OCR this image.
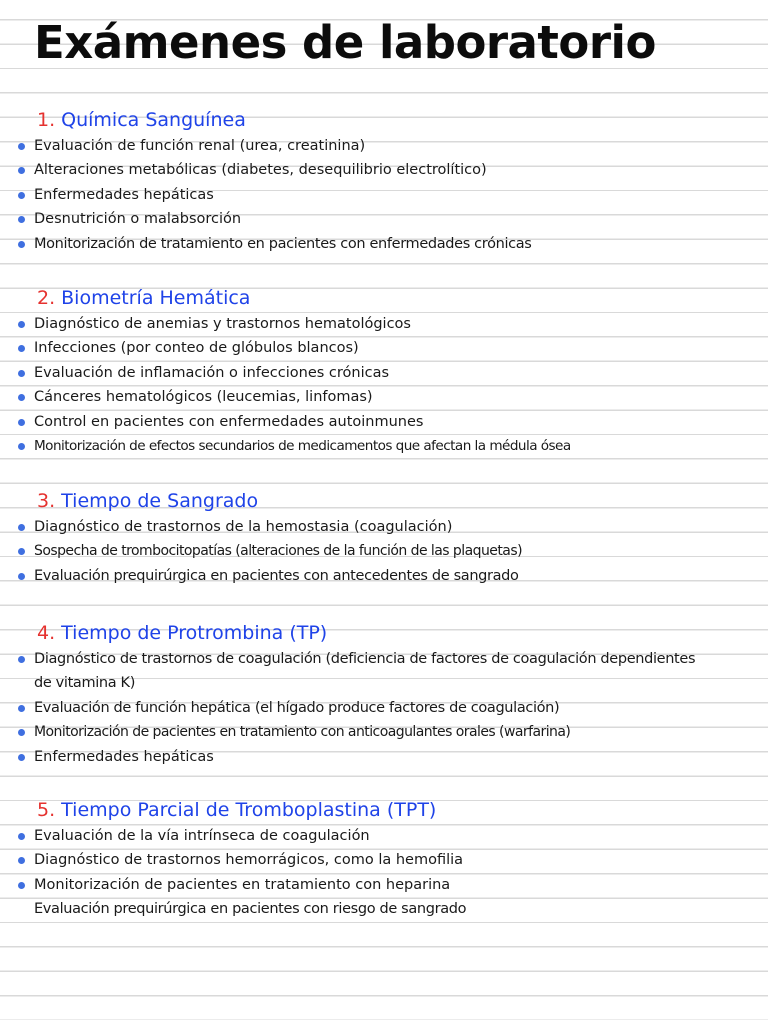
Exámenes de laboratorio
1. Química Sanguínea
Evaluación de función renal (urea, creatinina)
Alteraciones metabólicas (diabetes, desequilibrio electrolítico)
Enfermedades hepáticas
Desnutrición o malabsorción
Monitorización de tratamiento en pacientes con enfermedades crónicas
2. Biometría Hemática
Diagnóstico de anemias y trastornos hematológicos
Infecciones (por conteo de glóbulos blancos)
Evaluación de inflamación o infecciones crónicas
Cánceres hematológicos (leucemias, linfomas)
Control en pacientes con enfermedades autoinmunes
Monitorización de efectos secundarios de medicamentos que afectan la médula ósea
3. Tiempo de Sangrado
Diagnóstico de trastornos de la hemostasia (coagulación)
Sospecha de trombocitopatías (alteraciones de la función de las plaquetas)
Evaluación prequirúrgica en pacientes con antecedentes de sangrado
4. Tiempo de Protrombina (TP)
Diagnóstico de trastornos de coagulación (deficiencia de factores de coagulación dependientes de vitamina K)
Evaluación de función hepática (el hígado produce factores de coagulación)
Monitorización de pacientes en tratamiento con anticoagulantes orales (warfarina)
Enfermedades hepáticas
5. Tiempo Parcial de Tromboplastina (TPT)
Evaluación de la vía intrínseca de coagulación
Diagnóstico de trastornos hemorrágicos, como la hemofilia
Monitorización de pacientes en tratamiento con heparina
Evaluación prequirúrgica en pacientes con riesgo de sangrado
